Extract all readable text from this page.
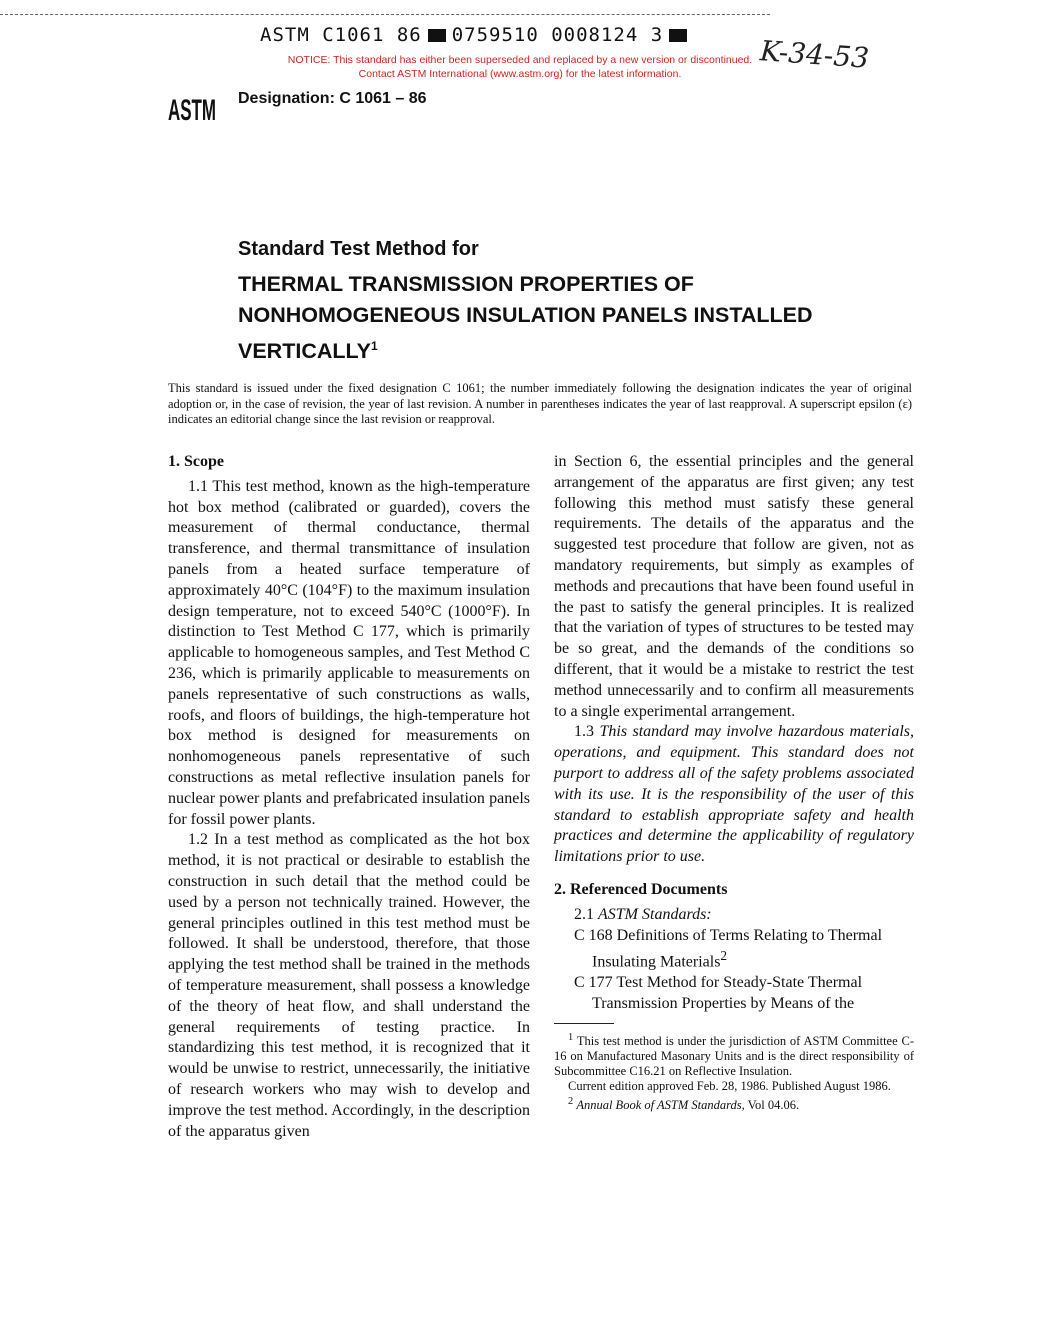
ASTM C1061 86 0759510 0008124 3
NOTICE: This standard has either been superseded and replaced by a new version or discontinued.
Contact ASTM International (www.astm.org) for the latest information.	K-34-53
ASTM Designation: C 1061 – 86
Standard Test Method for
THERMAL TRANSMISSION PROPERTIES OF NONHOMOGENEOUS INSULATION PANELS INSTALLED VERTICALLY$^1$
This standard is issued under the fixed designation C 1061; the number immediately following the designation indicates the year of original adoption or, in the case of revision, the year of last revision. A number in parentheses indicates the year of last reapproval. A superscript epsilon (ε) indicates an editorial change since the last revision or reapproval.

1. Scope

1.1 This test method, known as the high-temperature hot box method (calibrated or guarded), covers the measurement of thermal conductance, thermal transference, and thermal transmittance of insulation panels from a heated surface temperature of approximately 40°C (104°F) to the maximum insulation design temperature, not to exceed 540°C (1000°F). In distinction to Test Method C 177, which is primarily applicable to homogeneous samples, and Test Method C 236, which is primarily applicable to measurements on panels representative of such constructions as walls, roofs, and floors of buildings, the high-temperature hot box method is designed for measurements on nonhomogeneous panels representative of such constructions as metal reflective insulation panels for nuclear power plants and prefabricated insulation panels for fossil power plants.

1.2 In a test method as complicated as the hot box method, it is not practical or desirable to establish the construction in such detail that the method could be used by a person not technically trained. However, the general principles outlined in this test method must be followed. It shall be understood, therefore, that those applying the test method shall be trained in the methods of temperature measurement, shall possess a knowledge of the theory of heat flow, and shall understand the general requirements of testing practice. In standardizing this test method, it is recognized that it would be unwise to restrict, unnecessarily, the initiative of research workers who may wish to develop and improve the test method. Accordingly, in the description of the apparatus given

in Section 6, the essential principles and the general arrangement of the apparatus are first given; any test following this method must satisfy these general requirements. The details of the apparatus and the suggested test procedure that follow are given, not as mandatory requirements, but simply as examples of methods and precautions that have been found useful in the past to satisfy the general principles. It is realized that the variation of types of structures to be tested may be so great, and the demands of the conditions so different, that it would be a mistake to restrict the test method unnecessarily and to confirm all measurements to a single experimental arrangement.

1.3 This standard may involve hazardous materials, operations, and equipment. This standard does not purport to address all of the safety problems associated with its use. It is the responsibility of the user of this standard to establish appropriate safety and health practices and determine the applicability of regulatory limitations prior to use.

2. Referenced Documents

2.1 ASTM Standards:

C 168 Definitions of Terms Relating to Thermal Insulating Materials$^2$

C 177 Test Method for Steady-State Thermal Transmission Properties by Means of the

$^1$ This test method is under the jurisdiction of ASTM Committee C-16 on Manufactured Masonary Units and is the direct responsibility of Subcommittee C16.21 on Reflective Insulation.

Current edition approved Feb. 28, 1986. Published August 1986.

$^2$ Annual Book of ASTM Standards, Vol 04.06.
